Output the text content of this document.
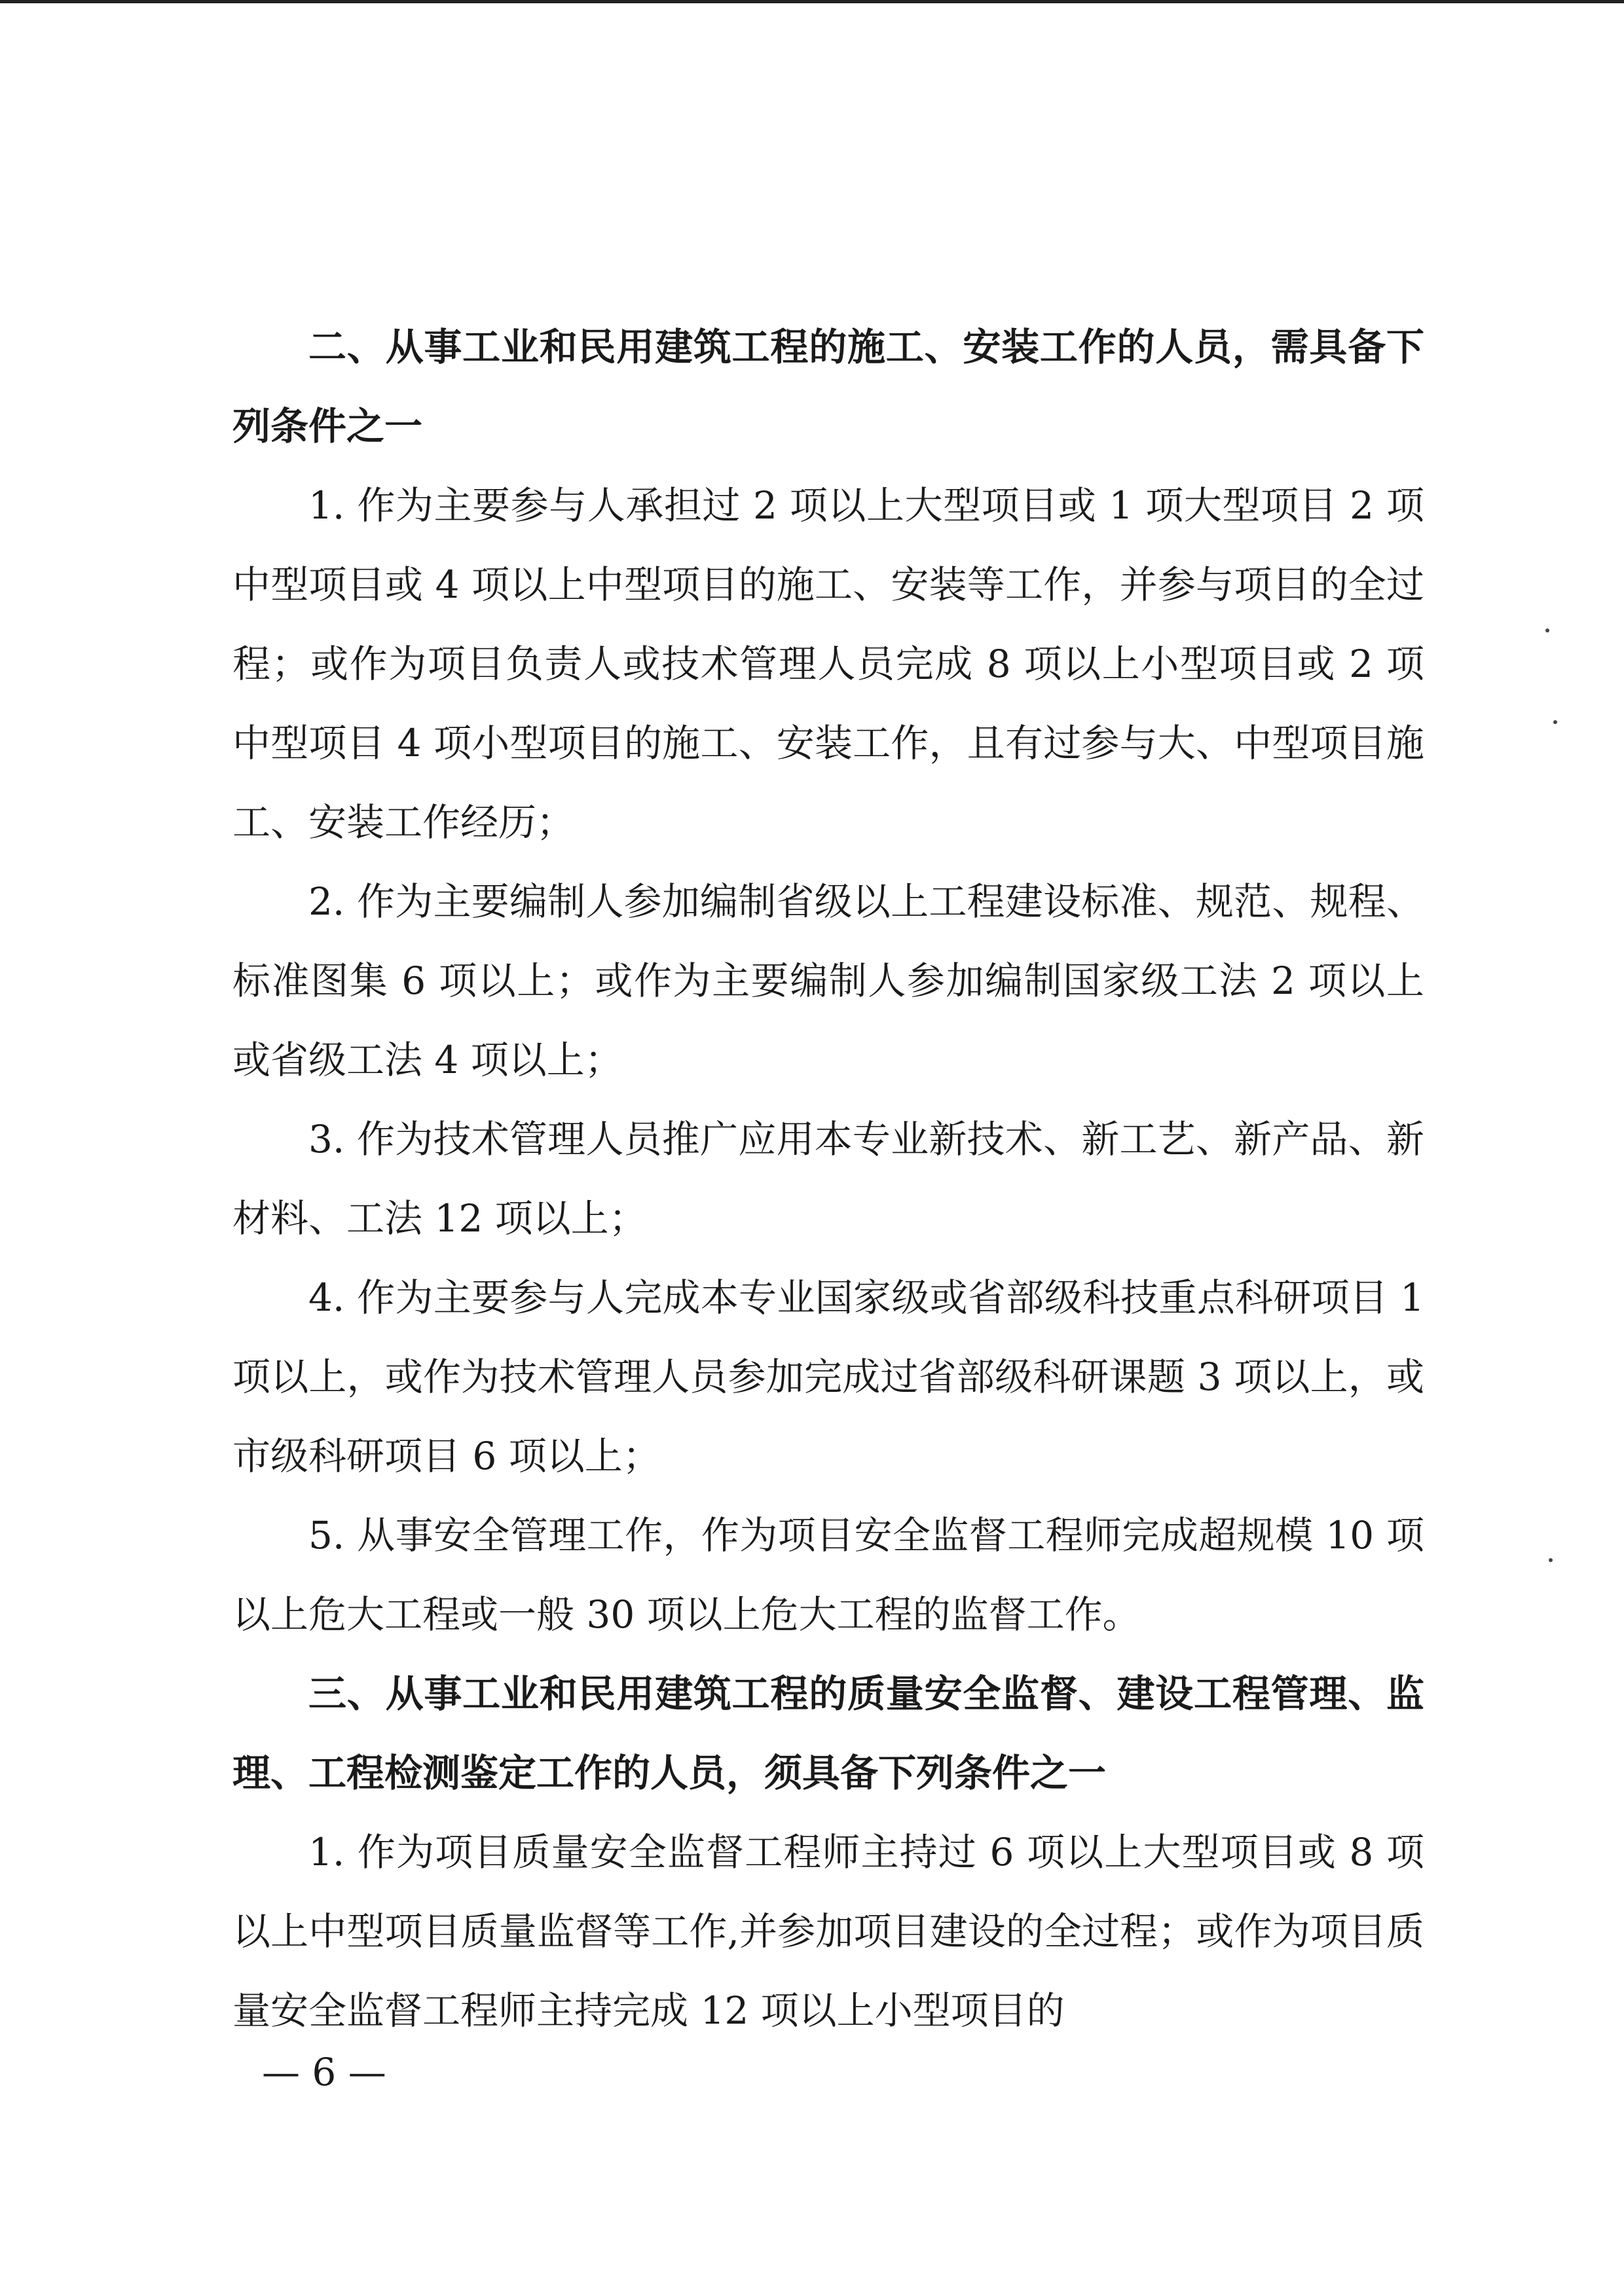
二、从事工业和民用建筑工程的施工、安装工作的人员，需具备下列条件之一

1. 作为主要参与人承担过 2 项以上大型项目或 1 项大型项目 2 项中型项目或 4 项以上中型项目的施工、安装等工作，并参与项目的全过程；或作为项目负责人或技术管理人员完成 8 项以上小型项目或 2 项中型项目 4 项小型项目的施工、安装工作，且有过参与大、中型项目施工、安装工作经历；

2. 作为主要编制人参加编制省级以上工程建设标准、规范、规程、标准图集 6 项以上；或作为主要编制人参加编制国家级工法 2 项以上或省级工法 4 项以上；

3. 作为技术管理人员推广应用本专业新技术、新工艺、新产品、新材料、工法 12 项以上；

4. 作为主要参与人完成本专业国家级或省部级科技重点科研项目 1 项以上，或作为技术管理人员参加完成过省部级科研课题 3 项以上，或市级科研项目 6 项以上；

5. 从事安全管理工作，作为项目安全监督工程师完成超规模 10 项以上危大工程或一般 30 项以上危大工程的监督工作。

三、从事工业和民用建筑工程的质量安全监督、建设工程管理、监理、工程检测鉴定工作的人员，须具备下列条件之一

1. 作为项目质量安全监督工程师主持过 6 项以上大型项目或 8 项以上中型项目质量监督等工作,并参加项目建设的全过程；或作为项目质量安全监督工程师主持完成 12 项以上小型项目的

— 6 —
